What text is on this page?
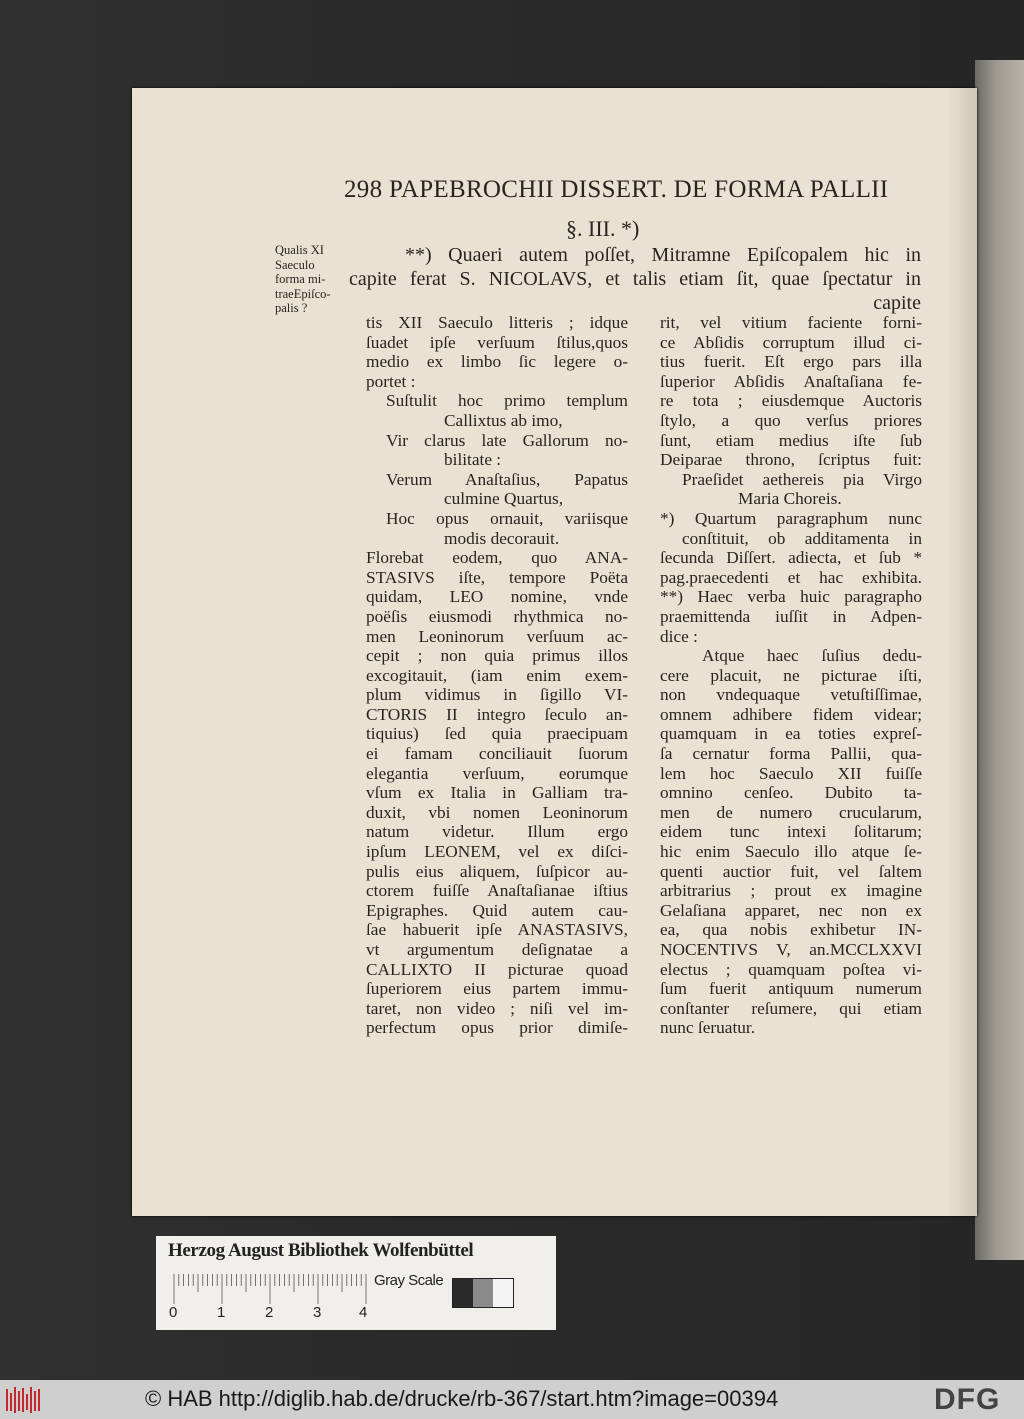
298 PAPEBROCHII DISSERT. DE FORMA PALLII
§. III. *)
Qualis XI
Saeculo
forma mi-
traeEpiſco-
palis ?
**) Quaeri autem poſſet, Mitramne Epiſcopalem hic in
capite ferat S. NICOLAVS, et talis etiam ſit, quae ſpectatur in
capite
tis XII Saeculo litteris ; idque
ſuadet ipſe verſuum ſtilus,quos
medio ex limbo ſic legere o-
portet :
Suſtulit hoc primo templum
Callixtus ab imo,
Vir clarus late Gallorum no-
bilitate :
Verum Anaſtaſius, Papatus
culmine Quartus,
Hoc opus ornauit, variisque
modis decorauit.
Florebat eodem, quo ANA-
STASIVS iſte, tempore Poëta
quidam, LEO nomine, vnde
poëſis eiusmodi rhythmica no-
men Leoninorum verſuum ac-
cepit ; non quia primus illos
excogitauit, (iam enim exem-
plum vidimus in ſigillo VI-
CTORIS II integro ſeculo an-
tiquius) ſed quia praecipuam
ei famam conciliauit ſuorum
elegantia verſuum, eorumque
vſum ex Italia in Galliam tra-
duxit, vbi nomen Leoninorum
natum videtur. Illum ergo
ipſum LEONEM, vel ex diſci-
pulis eius aliquem, ſuſpicor au-
ctorem fuiſſe Anaſtaſianae iſtius
Epigraphes. Quid autem cau-
ſae habuerit ipſe ANASTASIVS,
vt argumentum deſignatae a
CALLIXTO II picturae quoad
ſuperiorem eius partem immu-
taret, non video ; niſi vel im-
perfectum opus prior dimiſe-
rit, vel vitium faciente forni-
ce Abſidis corruptum illud ci-
tius fuerit. Eſt ergo pars illa
ſuperior Abſidis Anaſtaſiana fe-
re tota ; eiusdemque Auctoris
ſtylo, a quo verſus priores
ſunt, etiam medius iſte ſub
Deiparae throno, ſcriptus fuit:
Praeſidet aethereis pia Virgo
Maria Choreis.
*) Quartum paragraphum nunc
conſtituit, ob additamenta in
ſecunda Diſſert. adiecta, et ſub *
pag.praecedenti et hac exhibita.
**) Haec verba huic paragrapho
praemittenda iuſſit in Adpen-
dice :
Atque haec ſuſius dedu-
cere placuit, ne picturae iſti,
non vndequaque vetuſtiſſimae,
omnem adhibere fidem videar;
quamquam in ea toties expreſ-
ſa cernatur forma Pallii, qua-
lem hoc Saeculo XII fuiſſe
omnino cenſeo. Dubito ta-
men de numero crucularum,
eidem tunc intexi ſolitarum;
hic enim Saeculo illo atque ſe-
quenti auctior fuit, vel ſaltem
arbitrarius ; prout ex imagine
Gelaſiana apparet, nec non ex
ea, qua nobis exhibetur IN-
NOCENTIVS V, an.MCCLXXVI
electus ; quamquam poſtea vi-
ſum fuerit antiquum numerum
conſtanter reſumere, qui etiam
nunc ſeruatur.
Herzog August Bibliothek Wolfenbüttel
0	1	2	3	4
Gray Scale
© HAB http://diglib.hab.de/drucke/rb-367/start.htm?image=00394	DFG
